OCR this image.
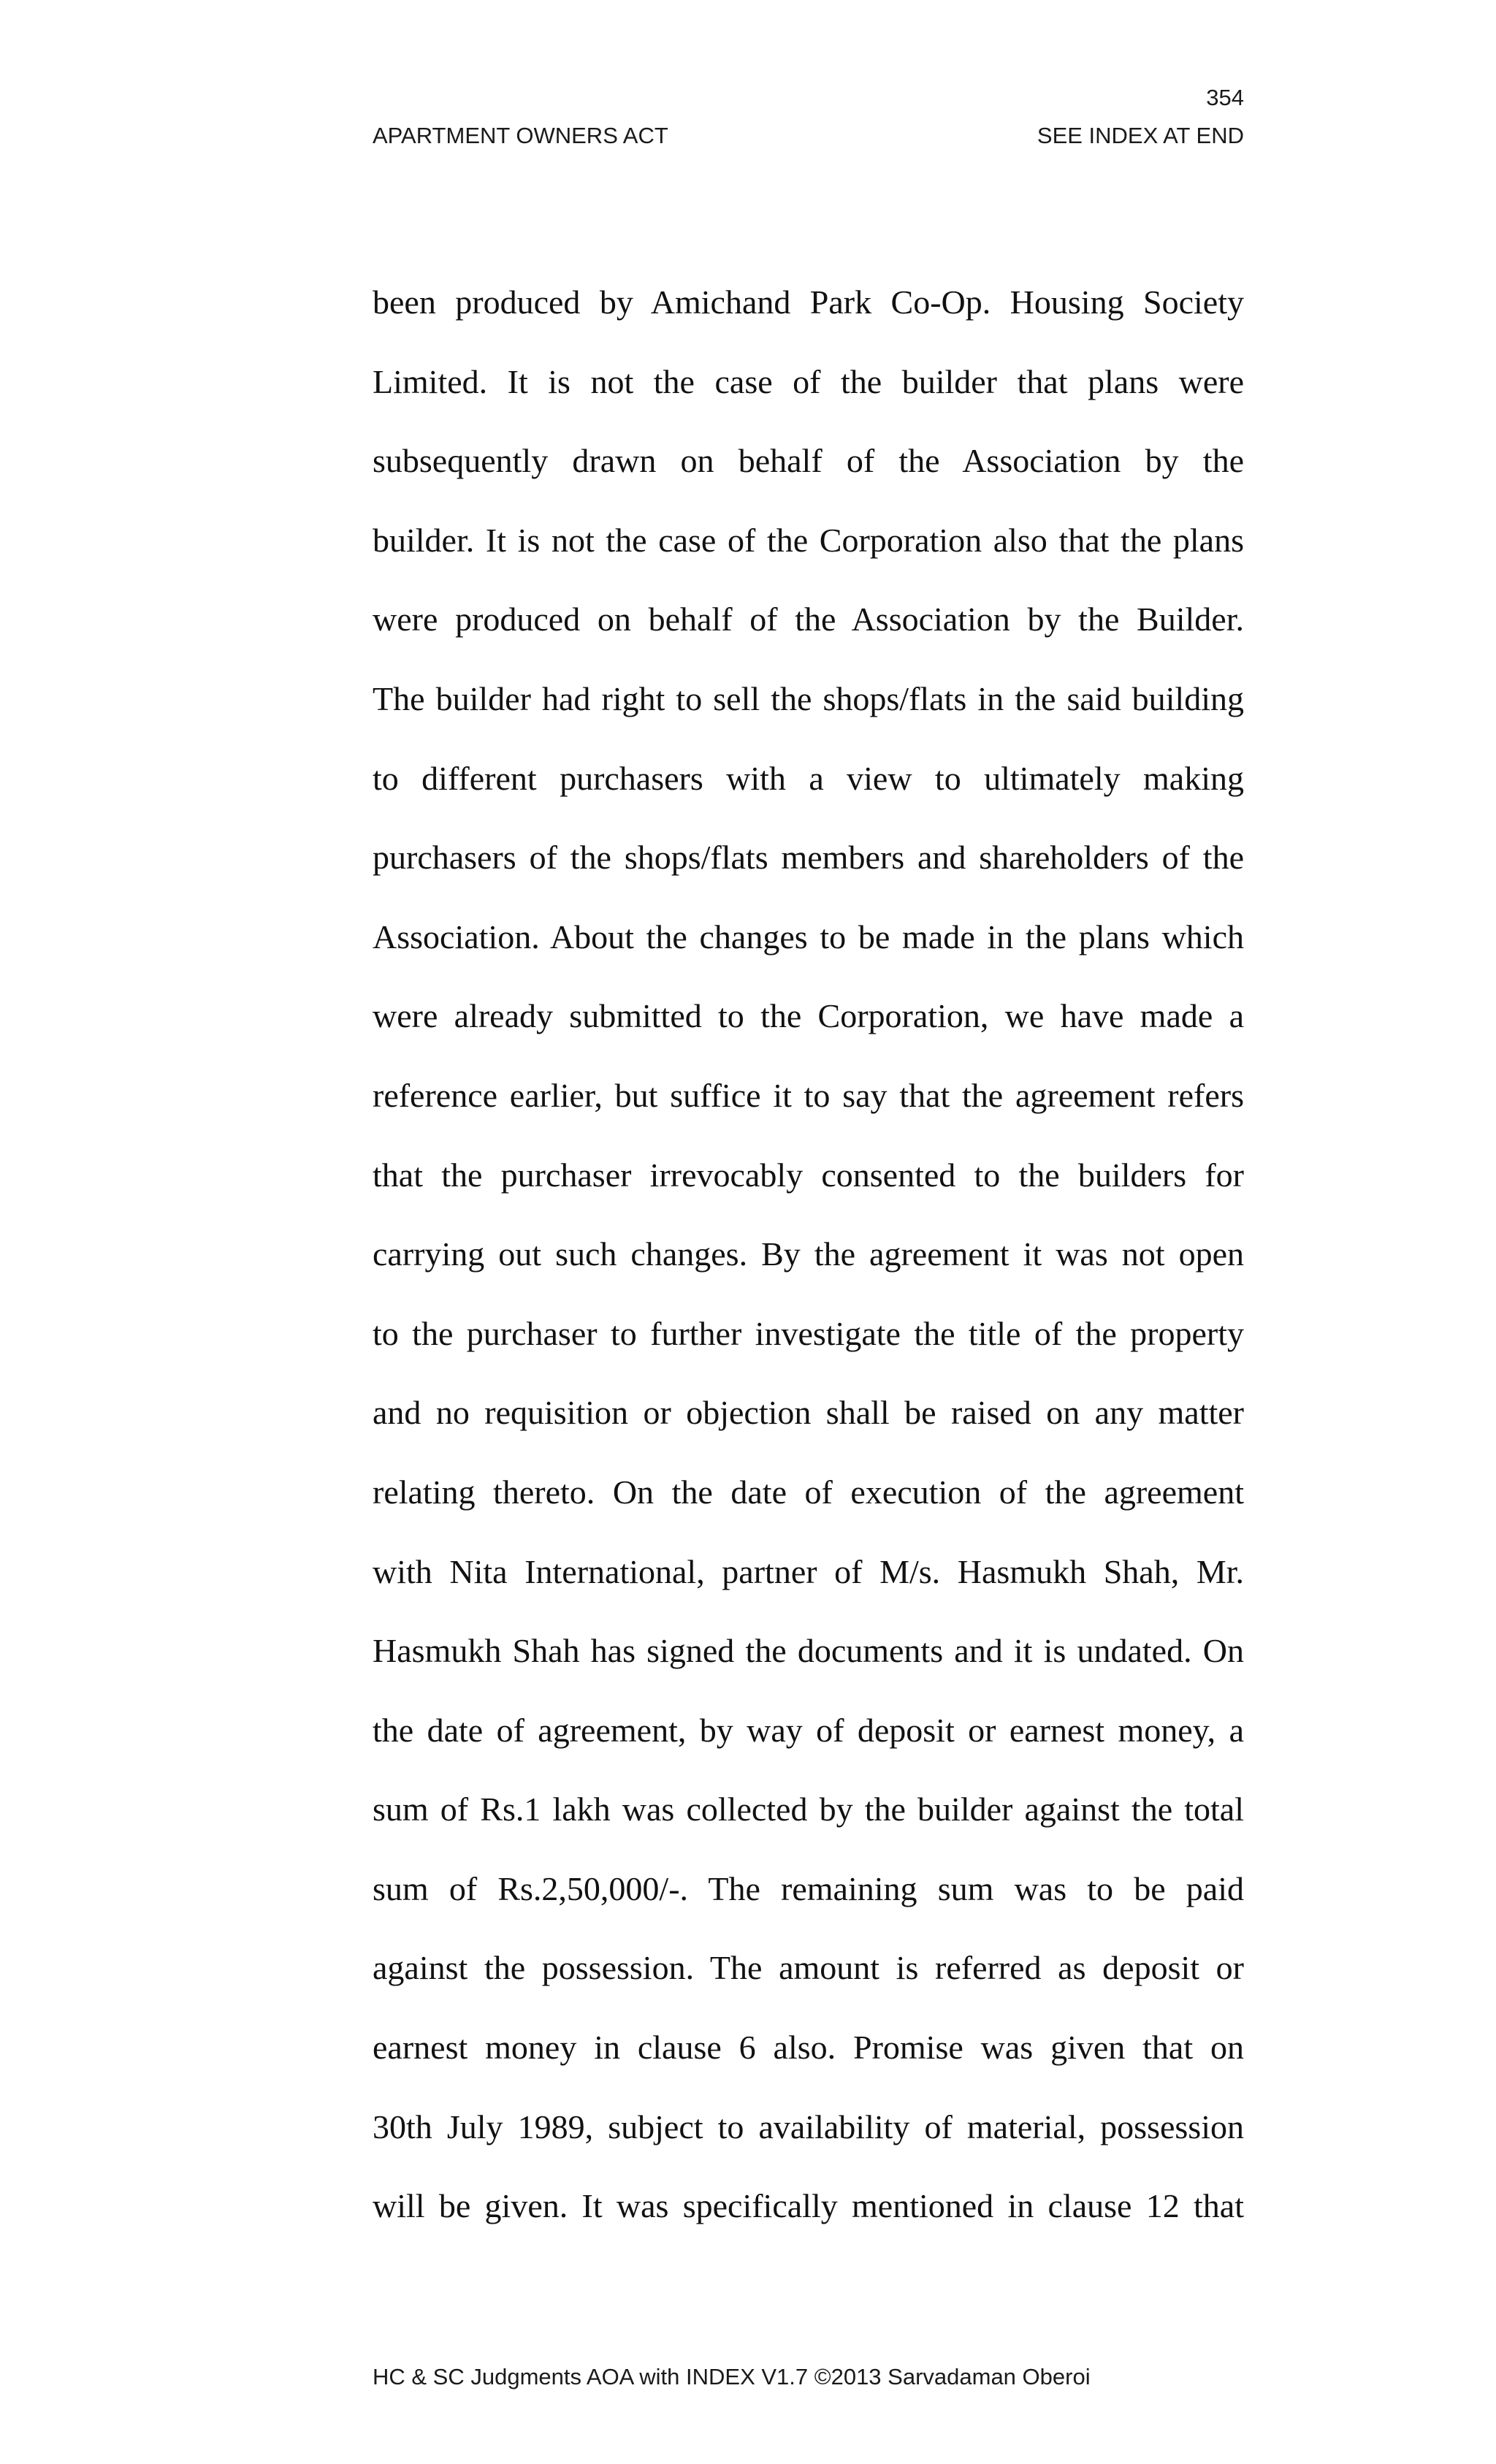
354
APARTMENT OWNERS ACT	SEE INDEX AT END
been produced by Amichand Park Co-Op. Housing Society
Limited. It is not the case of the builder that plans were
subsequently drawn on behalf of the Association by the
builder. It is not the case of the Corporation also that the plans
were produced on behalf of the Association by the Builder.
The builder had right to sell the shops/flats in the said building
to different purchasers with a view to ultimately making
purchasers of the shops/flats members and shareholders of the
Association. About the changes to be made in the plans which
were already submitted to the Corporation, we have made a
reference earlier, but suffice it to say that the agreement refers
that the purchaser irrevocably consented to the builders for
carrying out such changes. By the agreement it was not open
to the purchaser to further investigate the title of the property
and no requisition or objection shall be raised on any matter
relating thereto. On the date of execution of the agreement
with Nita International, partner of M/s. Hasmukh Shah, Mr.
Hasmukh Shah has signed the documents and it is undated. On
the date of agreement, by way of deposit or earnest money, a
sum of Rs.1 lakh was collected by the builder against the total
sum of Rs.2,50,000/-. The remaining sum was to be paid
against the possession. The amount is referred as deposit or
earnest money in clause 6 also. Promise was given that on
30th July 1989, subject to availability of material, possession
will be given. It was specifically mentioned in clause 12 that
HC & SC Judgments AOA with INDEX V1.7 ©2013 Sarvadaman Oberoi
